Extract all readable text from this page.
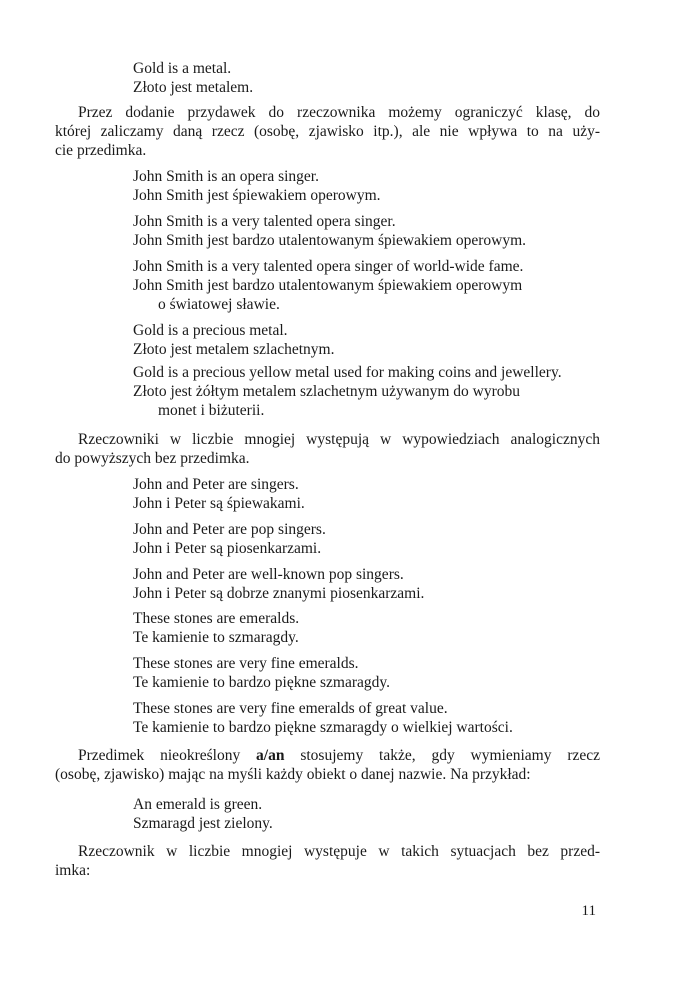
Gold is a metal.
Złoto jest metalem.
Przez dodanie przydawek do rzeczownika możemy ograniczyć klasę, do
której zaliczamy daną rzecz (osobę, zjawisko itp.), ale nie wpływa to na uży-
cie przedimka.
John Smith is an opera singer.
John Smith jest śpiewakiem operowym.
John Smith is a very talented opera singer.
John Smith jest bardzo utalentowanym śpiewakiem operowym.
John Smith is a very talented opera singer of world-wide fame.
John Smith jest bardzo utalentowanym śpiewakiem operowym
o światowej sławie.
Gold is a precious metal.
Złoto jest metalem szlachetnym.
Gold is a precious yellow metal used for making coins and jewellery.
Złoto jest żółtym metalem szlachetnym używanym do wyrobu
monet i biżuterii.
Rzeczowniki w liczbie mnogiej występują w wypowiedziach analogicznych
do powyższych bez przedimka.
John and Peter are singers.
John i Peter są śpiewakami.
John and Peter are pop singers.
John i Peter są piosenkarzami.
John and Peter are well-known pop singers.
John i Peter są dobrze znanymi piosenkarzami.
These stones are emeralds.
Te kamienie to szmaragdy.
These stones are very fine emeralds.
Te kamienie to bardzo piękne szmaragdy.
These stones are very fine emeralds of great value.
Te kamienie to bardzo piękne szmaragdy o wielkiej wartości.
Przedimek nieokreślony a/an stosujemy także, gdy wymieniamy rzecz
(osobę, zjawisko) mając na myśli każdy obiekt o danej nazwie. Na przykład:
An emerald is green.
Szmaragd jest zielony.
Rzeczownik w liczbie mnogiej występuje w takich sytuacjach bez przed-
imka:
11
